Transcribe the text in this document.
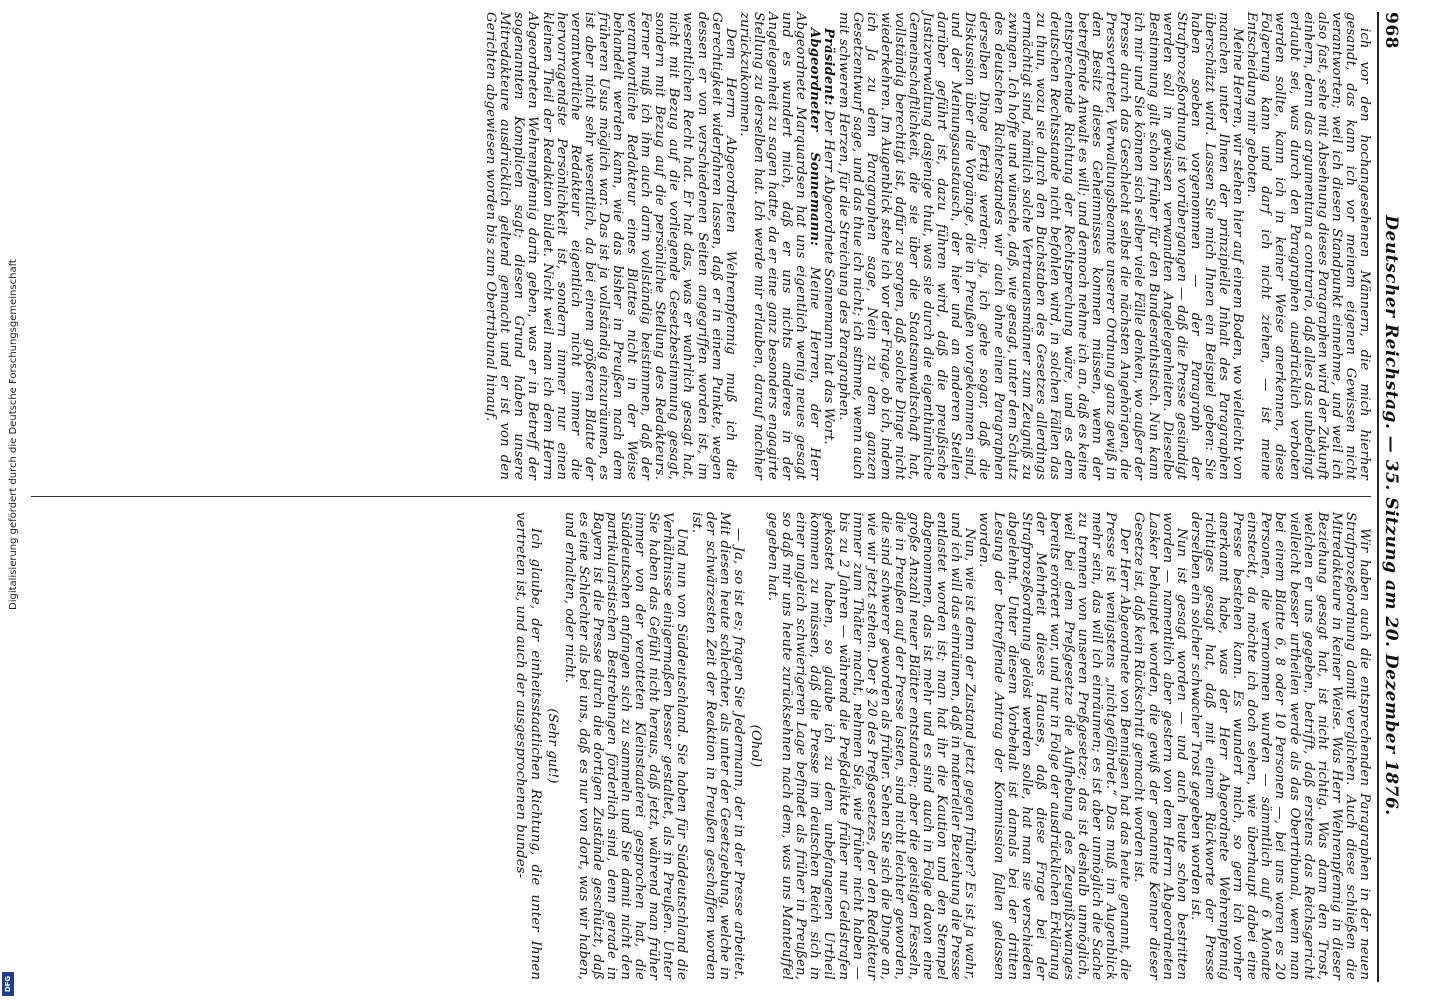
968
Deutscher Reichstag. — 35. Sitzung am 20. Dezember 1876.

ich vor den hochangesehenen Männern, die mich hierher gesandt, das kann ich vor meinem eigenen Gewissen nicht verantworten; weil ich diesen Standpunkt einnehme, und weil ich also fast, sehe mit Absehnung dieses Paragraphen wird der Zukunft einhern, denn das argumentum a contrario, daß alles das unbedingt erlaubt sei, was durch den Paragraphen ausdrücklich verboten werden sollte, kann ich in keiner Weise anerkennen, diese Folgerung kann und darf ich nicht ziehen, — ist meine Entscheidung mir geboten.

Meine Herren, wir stehen hier auf einem Boden, wo vielleicht von manchen unter Ihnen der prinzipielle Inhalt des Paragraphen überschätzt wird. Lassen Sie mich Ihnen ein Beispiel geben: Sie haben soeben vorgenommen — der Paragraph der Strafprozeßordnung ist vorübergangen — daß die Presse gesündigt werden soll in gewissen verwandten Angelegenheiten. Dieselbe Bestimmung gilt schon früher für den Bundesrathstisch. Nun kann ich mir und Sie können sich selber viele Fälle denken, wo außer der Presse durch das Geschlecht selbst die nächsten Angehörigen, die Pressvertreter, Verwaltungsbeamte unserer Ordnung ganz gewiß in den Besitz dieses Geheimnisses kommen müssen, wenn der betreffende Anwalt es will; und dennoch nehme ich an, daß es keine entsprechende Richtung der Rechtsprechung wäre, und es dem deutschen Rechtsstande nicht befohlen wird, in solchen Fällen das zu thun, wozu sie durch den Buchstaben des Gesetzes allerdings ermächtigt sind, nämlich solche Vertrauensmänner zum Zeugniß zu zwingen. Ich hoffe und wünsche, daß, wie gesagt, unter dem Schutz des deutschen Richterstandes wir auch ohne einen Paragraphen derselben Dinge fertig werden; ja, ich gehe sogar, daß die Diskussion über die Vorgänge, die in Preußen vorgekommen sind, und der Meinungsaustausch, der hier und an anderen Stellen darüber geführt ist, dazu führen wird, daß die preußische Justizverwaltung dasjenige thut, was sie durch die eigenthümliche Gemeinschaftlichkeit, die sie über die Staatsanwaltschaft hat, vollständig berechtigt ist, dafür zu sorgen, daß solche Dinge nicht wiederkehren. Im Augenblick stehe ich vor der Frage, ob ich, indem ich Ja zu dem Paragraphen sage, Nein zu dem ganzen Gesetzentwurf sage, und das thue ich nicht; ich stimme, wenn auch mit schwerem Herzen, für die Streichung des Paragraphen.

Präsident: Der Herr Abgeordnete Sonnemann hat das Wort.

Abgeordneter Sonnemann: Meine Herren, der Herr Abgeordnete Marquardsen hat uns eigentlich wenig neues gesagt und es wundert mich, daß er uns nichts anderes in der Angelegenheit zu sagen hatte, da er eine ganz besonders engagirte Stellung zu derselben hat. Ich werde mir erlauben, darauf nachher zurückzukommen.

Dem Herrn Abgeordneten Wehrenpfennig muß ich die Gerechtigkeit widerfahren lassen, daß er in einem Punkte, wegen dessen er von verschiedenen Seiten angegriffen worden ist, im wesentlichen Recht hat. Er hat das, was er wahrlich gesagt hat, nicht mit Bezug auf die vorliegende Gesetzbestimmung gesagt, sondern mit Bezug auf die persönliche Stellung des Redakteurs. Ferner muß ich ihm auch darin vollständig beistimmen, daß der verantwortliche Redakteur eines Blattes nicht in der Weise behandelt werden kann, wie das bisher in Preußen nach dem früheren Usus möglich war. Das ist ja vollständig einzuräumen, es ist aber nicht sehr wesentlich, da bei einem größeren Blatte der verantwortliche Redakteur eigentlich nicht immer die hervorragendste Persönlichkeit ist, sondern immer nur einen kleinen Theil der Redaktion bildet. Nicht weil man ich dem Herrn Abgeordneten Wehrenpfennig darin geben, was er in Betreff der sogenannten Komplicen sagt; diesen Grund haben unsere Mitredakteure ausdrücklich geltend gemacht und er ist von den Gerichten abgewiesen worden bis zum Obertribunal hinauf.

Wir haben auch die entsprechenden Paragraphen in der neuen Strafprozeßordnung damit verglichen. Auch diese schließen die Mitredakteure in keiner Weise. Was Herr Wehrenpfennig in dieser Beziehung gesagt hat, ist nicht richtig. Was dann den Trost, welchen er uns gegeben, betrifft, daß erstens das Reichsgericht vielleicht besser urtheilen werde als das Obertribunal, wenn man bei einem Blatte 6, 8 oder 10 Personen —, bei uns waren es 20 Personen, die vernommen wurden — sämmtlich auf 6 Monate einsteckt, da möchte ich doch sehen, wie überhaupt dabei eine Presse bestehen kann. Es wundert mich, so gern ich vorher anerkannt habe, was der Herr Abgeordnete Wehrenpfennig richtiges gesagt hat, daß mit einem Rückworte der Presse derselben ein solcher schwacher Trost gegeben worden ist.

Nun ist gesagt worden — und auch heute schon bestritten worden — namentlich aber gestern von dem Herrn Abgeordneten Lasker behauptet worden, die gewiß der genannte Kenner dieser Gesetze ist, daß kein Rückschritt gemacht worden ist.

Der Herr Abgeordnete von Bennigsen hat das heute genannt, die Presse ist wenigstens „nichtgefährdet.“ Das muß im Augenblick mehr sein, das will ich einräumen; es ist aber unmöglich die Sache zu trennen von unseren Preßgesetze; das ist deshalb unmöglich, weil bei dem Preßgesetze die Aufhebung des Zeugnißzwanges bereits erörtert war, und nur in Folge der ausdrücklichen Erklärung der Mehrheit dieses Hauses, daß diese Frage bei der Strafprozeßordnung gelöst werden solle, hat man sie verschieden abgelehnt. Unter diesem Vorbehalt ist damals bei der dritten Lesung der betreffende Antrag der Kommission fallen gelassen worden.

Nun, wie ist denn der Zustand jetzt gegen früher? Es ist ja wahr, und ich will das einräumen, daß in materieller Beziehung die Presse entlastet worden ist; man hat ihr die Kaution und den Stempel abgenommen, das ist mehr und es sind auch in Folge davon eine große Anzahl neuer Blätter entstanden; aber die geistigen Fesseln, die in Preußen auf der Presse lasten, sind nicht leichter geworden, die sind schwerer geworden als früher. Sehen Sie sich die Dinge an, wie wir jetzt stehen. Der § 20 des Preßgesetzes, der den Redakteur immer zum Thäter macht, nehmen Sie, wie früher nicht haben — bis zu 2 Jahren — während die Preßdelikte früher nur Geldstrafen gekostet haben, so glaube ich zu dem unbefangenen Urtheil kommen zu müssen, daß die Presse im deutschen Reich sich in einer ungleich schwierigeren Lage befindet als früher in Preußen, so daß mir uns heute zurücksehnen nach dem, was uns Manteuffel gegeben hat.

(Ohol)

— Ja, so ist es; fragen Sie Jedermann, der in der Presse arbeitet. Mit diesen heute schlechter, als unter der Gesetzgebung, welche in der schwärzesten Zeit der Reaktion in Preußen geschaffen worden ist.

Und nun von Süddeutschland. Sie haben für Süddeutschland die Verhältnisse einigermaßen besser gestaltet, als in Preußen. Unter Sie haben das Gefühl nicht heraus, daß jetzt, während man früher immer von der verotteten Kleinstaaterei gesprochen hat, die Süddeutschen anfangen sich zu sammeln und Sie damit nicht den partikularistischen Bestrebungen förderlich sind, denn gerade in Bayern ist die Presse durch die dortigen Zustände geschützt, daß es eine Schlechter als bei uns, daß es nur von dort, was wir haben, und erhalten, oder nicht.

(Sehr gut!)

Ich glaube, der einheitsstaatlichen Richtung, die unter Ihnen vertreten ist, und auch der ausgesprochenen bundes-

Digitalisierung gefördert durch die Deutsche Forschungsgemeinschaft
DFG
